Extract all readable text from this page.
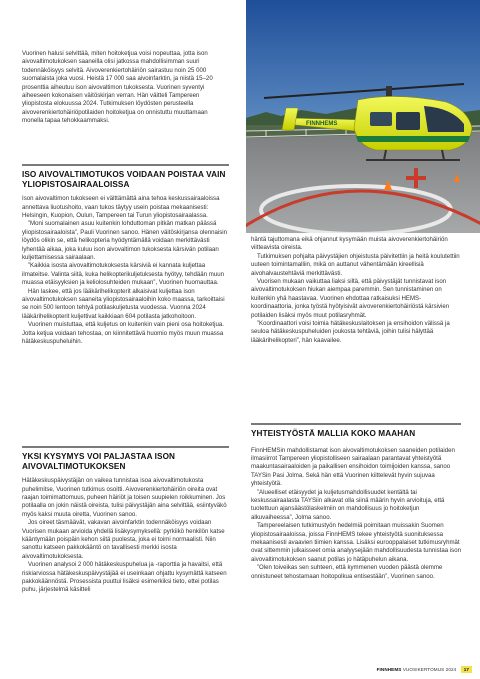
Vuorinen halusi selvittää, miten hoitoketjua voisi nopeuttaa, jotta ison aivovaltimotukoksen saaneilla olisi jatkossa mahdollisimman suuri todennäköisyys selvitä. Aivoverenkiertohäiriön sairastuu noin 25 000 suomalaista joka vuosi. Heistä 17 000 saa aivoinfarktin, ja niistä 15–20 prosenttia aiheutuu ison aivovaltimon tukoksesta. Vuorinen syventyi aiheeseen kokonaisen väitöskirjan verran. Hän väitteli Tampereen yliopistosta elokuussa 2024. Tutkimuksen löydösten perusteella aivoverenkiertohäiriöpotilaiden hoitoketjua on onnistuttu muuttamaan monella tapaa tehokkaammaksi.

ISO AIVOVALTIMOTUKOS VOIDAAN POISTAA VAIN YLIOPISTOSAIRAALOISSA

Ison aivovaltimon tukokseen ei välttämättä aina tehoa keskussairaaloissa annettava liuotushoito, vaan tukos täytyy usein poistaa mekaanisesti: Helsingin, Kuopion, Oulun, Tampereen tai Turun yliopistosairaalassa.

”Moni suomalainen asuu kuitenkin lohduttoman pitkän matkan päässä yliopistosairaaloista”, Pauli Vuorinen sanoo. Hänen väitöskirjansa olennaisin löydös olikin se, että helikopteria hyödyntämällä voidaan merkittävästi lyhentää aikaa, joka kuluu ison aivovaltimon tukoksesta kärsivän potilaan kuljettamisessa sairaalaan.

”Kaikkia isosta aivovaltimotukoksesta kärsiviä ei kannata kuljettaa ilmateitse. Valinta siitä, kuka helikopterikuljetuksesta hyötyy, tehdään muun muassa etäisyyksien ja keliolosuhteiden mukaan”, Vuorinen huomauttaa.

Hän laskee, että jos lääkärihelikopterit alkaisivat kuljettaa ison aivovaltimotukoksen saaneita yliopistosairaaloihin koko maassa, tarkoittaisi se noin 500 lentoon tehtyä potilaskuljetusta vuodessa. Vuonna 2024 lääkärihelikopterit kuljettivat kaikkiaan 604 potilasta jatkohoitoon.

Vuorinen muistuttaa, että kuljetus on kuitenkin vain pieni osa hoitoketjua. Jotta ketjua voidaan tehostaa, on kiinnitettävä huomio myös muun muassa hätäkeskuspuheluihin.

YKSI KYSYMYS VOI PALJASTAA ISON AIVOVALTIMOTUKOKSEN

Hätäkeskuspäivystäjän on vaikea tunnistaa isoa aivovaltimotukosta puhelimitse, Vuorinen tutkimus osoitti. Aivoverenkiertohäiriön oireita ovat raajan toimimattomuus, puheen häiriöt ja toisen suupielen roikkuminen. Jos potilaalla on jokin näistä oireista, tulisi päivystäjän aina selvittää, esiintyväkö myös kaksi muuta oiretta, Vuorinen sanoo.

Jos oireet täsmäävät, vakavan aivoinfarktin todennäköisyys voidaan Vuorisen mukaan arvioida yhdellä lisäkysymyksellä: pyrkiikö henkilön katse kääntymään poispäin kehon siitä puolesta, joka ei toimi normaalisti. Niin sanottu katseen pakkokääntö on tavallisesti merkki isosta aivovaltimotukoksesta.

Vuorinen analysoi 2 000 hätäkeskuspuhelua ja -raporttia ja havaitsi, että riskiarviossa hätäkeskuspäivystäjää ei useinkaan ohjattu kysymättä katseen pakkokäännöstä. Prosessista puuttui lisäksi esimerkiksi tieto, ettei potilas puhu, järjestelmä käsitteli

FINNHEMS

häntä tajuttomana eikä ohjannut kysymään muista aivoverenkiertohäiriön viitteavista oireista.

Tutkimuksen pohjalta päivystäjien ohjeistusta päivitettiin ja heitä koulutettiin uuteen toimintamalliin, mikä on auttanut vähentämään kireellisiä aivohalvaustehtäviä merkittävästi.

Vuorisen mukaan vaikuttaa liaksi siltä, että päivystäjät tunnistavat ison aivovaltimotukoksen hiukan aiempaa paremmin. Sen tunnistaminen on kuitenkin yhä haastavaa. Vuorinen ehdottaa ratkaisuksi HEMS-koordinaattoria, jonka työstä hyötyisivät aivoverenkiertohäiriöstä kärsivien potilaiden lisäksi myös muut potilasryhmät.

”Koordinaattori voisi toimia hätäkeskuslaitoksen ja ensihoidon välissä ja seuloa hätäkeskuspuheluiden joukosta tehtäviä, joihin tulisi hälyttää lääkärihelikopteri”, hän kaavailee.

YHTEISTYÖSTÄ MALLIA KOKO MAAHAN

FinnHEMSin mahdollistamat ison aivovaltimotukoksen saaneiden potilaiden ilmasiirrot Tampereen yliopistolliseen sairaalaan parantavat yhteistyötä maakuntasairaaloiden ja paikallisen ensihoidon toimijoiden kanssa, sanoo TAYSin Pasi Jolma. Sekä hän että Vuorinen kiittelevät hyvin sujuvaa yhteistyötä.

”Alueelliset etäisyydet ja kuljetusmahdollisuudet kentältä tai keskussairaalasta TAYSiin alkavat olla siinä määrin hyvin arvioituja, että tuotettuun ajansäästölaskelmiin on mahdollisuus jo hoitoketjun alkuvaiheessa”, Jolma sanoo.

Tampereelaisen tutkimustyön hedelmiä poimitaan muissakin Suomen yliopistosairaaloissa, joissa FinnHEMS tekee yhteistyötä suonituksessa mekaanisesti avaavien tiimien kanssa. Lisäksi eurooppalaiset tutkimusryhmät ovat sittemmin julkaisseet omia analyysejään mahdollisuudesta tunnistaa ison aivovaltimotukoksen saanut potilas jo hätäpuhelun aikana.

”Olen toiveikas sen suhteen, että kymmenen vuoden päästä olemme onnistuneet tehostamaan hoitopolkua entisestään”, Vuorinen sanoo.

FINNHEMS VUOSIKERTOMUS 2024 17
